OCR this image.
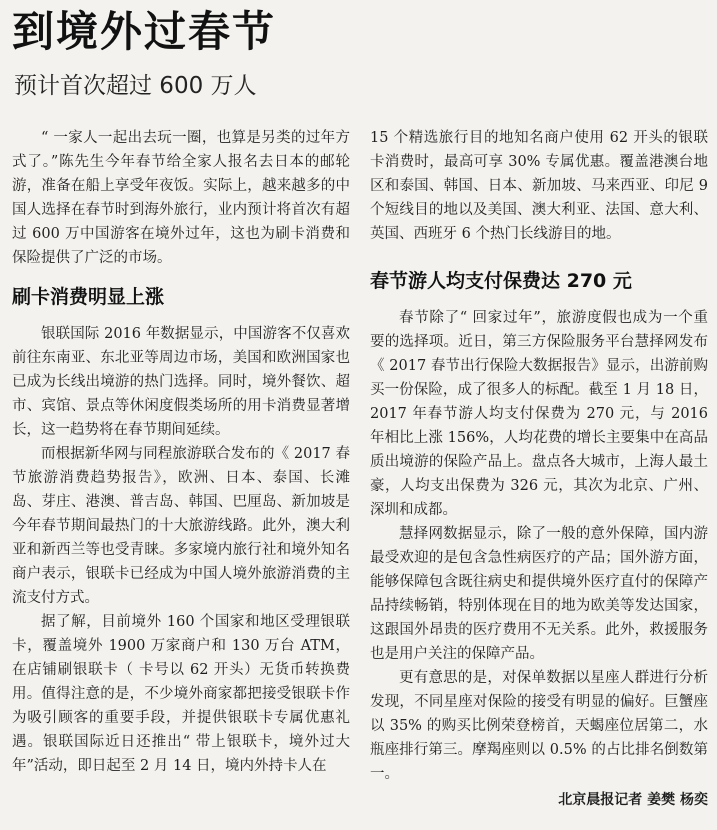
到境外过春节
预计首次超过 600 万人

“ 一家人一起出去玩一圈，也算是另类的过年方式了。”陈先生今年春节给全家人报名去日本的邮轮游，准备在船上享受年夜饭。实际上，越来越多的中国人选择在春节时到海外旅行，业内预计将首次有超过 600 万中国游客在境外过年，这也为刷卡消费和保险提供了广泛的市场。

刷卡消费明显上涨

银联国际 2016 年数据显示，中国游客不仅喜欢前往东南亚、东北亚等周边市场，美国和欧洲国家也已成为长线出境游的热门选择。同时，境外餐饮、超市、宾馆、景点等休闲度假类场所的用卡消费显著增长，这一趋势将在春节期间延续。

而根据新华网与同程旅游联合发布的《 2017 春节旅游消费趋势报告》，欧洲、日本、泰国、长滩岛、芽庄、港澳、普吉岛、韩国、巴厘岛、新加坡是今年春节期间最热门的十大旅游线路。此外，澳大利亚和新西兰等也受青睐。多家境内旅行社和境外知名商户表示，银联卡已经成为中国人境外旅游消费的主流支付方式。

据了解，目前境外 160 个国家和地区受理银联卡，覆盖境外 1900 万家商户和 130 万台 ATM，在店铺刷银联卡（ 卡号以 62 开头）无货币转换费用。值得注意的是，不少境外商家都把接受银联卡作为吸引顾客的重要手段，并提供银联卡专属优惠礼遇。银联国际近日还推出“ 带上银联卡，境外过大年”活动，即日起至 2 月 14 日，境内外持卡人在

15 个精选旅行目的地知名商户使用 62 开头的银联卡消费时，最高可享 30% 专属优惠。覆盖港澳台地区和泰国、韩国、日本、新加坡、马来西亚、印尼 9 个短线目的地以及美国、澳大利亚、法国、意大利、英国、西班牙 6 个热门长线游目的地。

春节游人均支付保费达 270 元

春节除了“ 回家过年”，旅游度假也成为一个重要的选择项。近日，第三方保险服务平台慧择网发布《 2017 春节出行保险大数据报告》显示，出游前购买一份保险，成了很多人的标配。截至 1 月 18 日，2017 年春节游人均支付保费为 270 元，与 2016 年相比上涨 156%，人均花费的增长主要集中在高品质出境游的保险产品上。盘点各大城市，上海人最土豪，人均支出保费为 326 元，其次为北京、广州、深圳和成都。

慧择网数据显示，除了一般的意外保障，国内游最受欢迎的是包含急性病医疗的产品；国外游方面，能够保障包含既往病史和提供境外医疗直付的保障产品持续畅销，特别体现在目的地为欧美等发达国家，这跟国外昂贵的医疗费用不无关系。此外，救援服务也是用户关注的保障产品。

更有意思的是，对保单数据以星座人群进行分析发现，不同星座对保险的接受有明显的偏好。巨蟹座以 35% 的购买比例荣登榜首，天蝎座位居第二，水瓶座排行第三。摩羯座则以 0.5% 的占比排名倒数第一。

北京晨报记者 姜樊 杨奕
